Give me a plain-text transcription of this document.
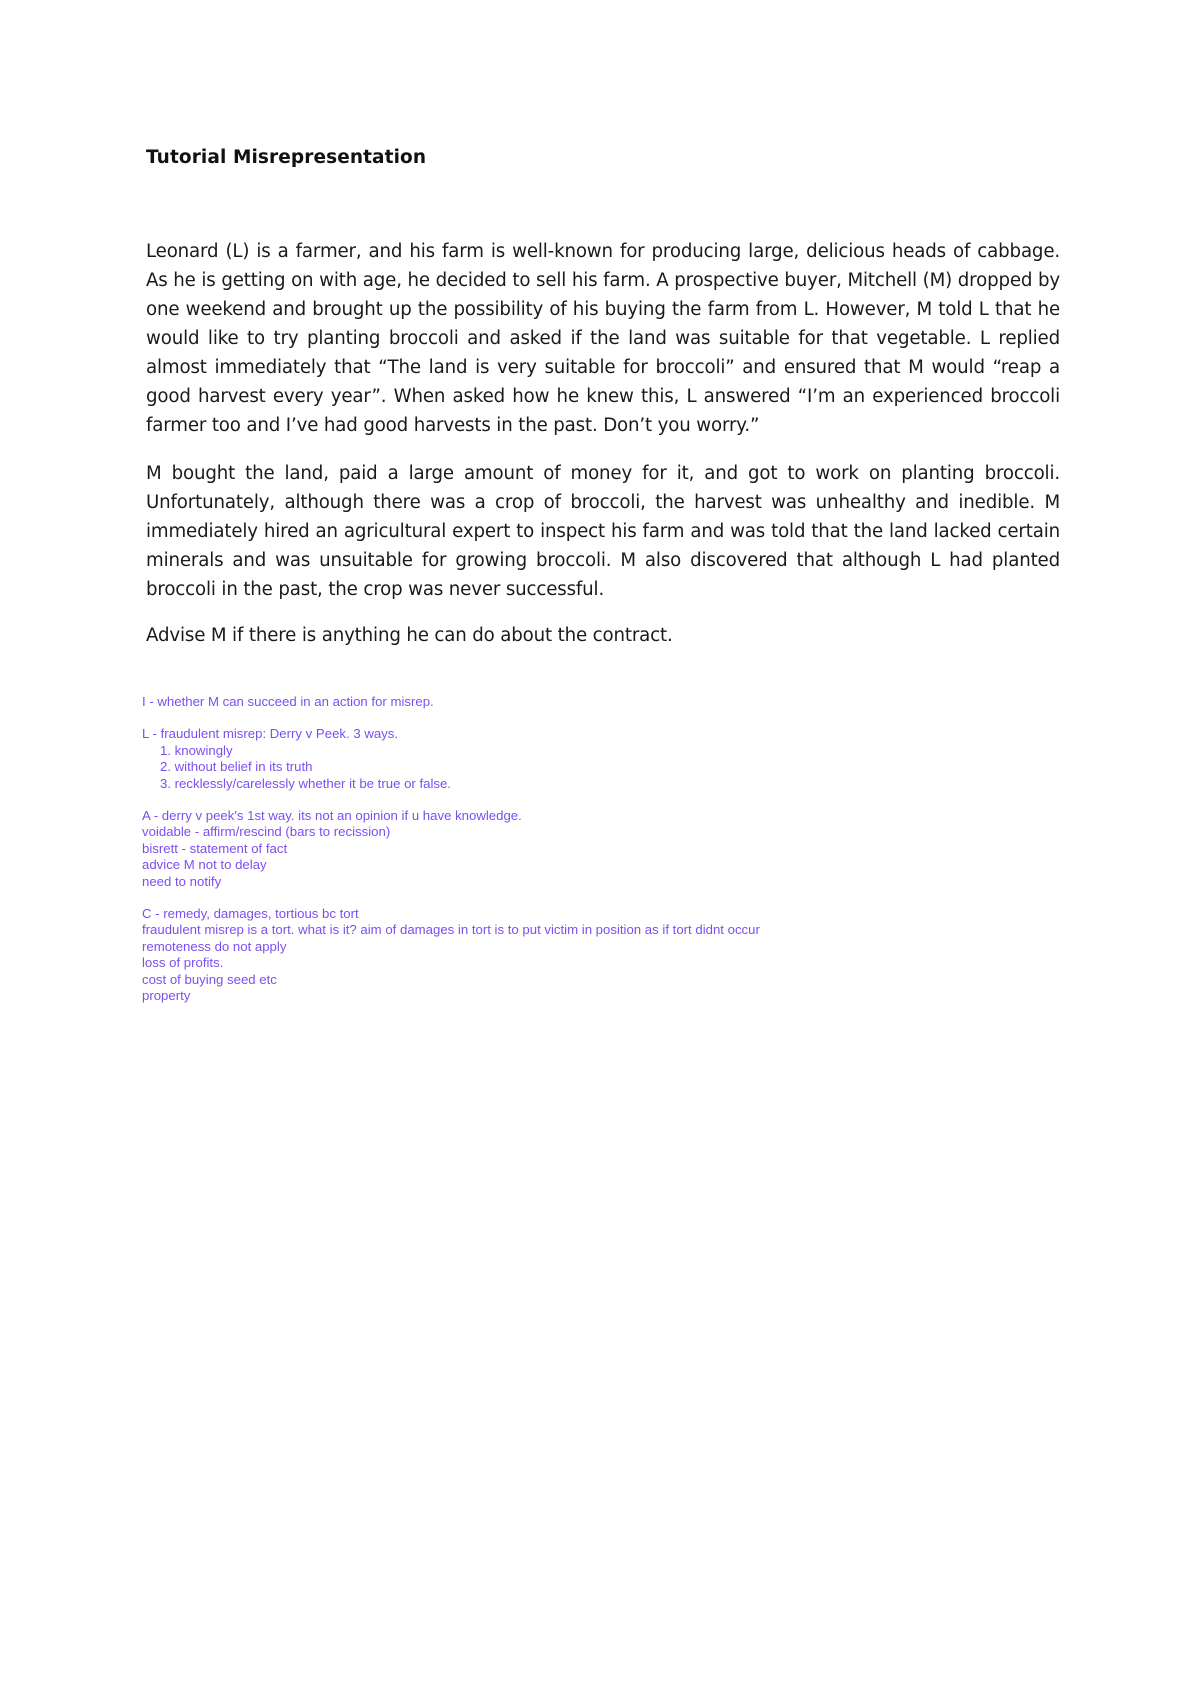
Tutorial Misrepresentation

Leonard (L) is a farmer, and his farm is well-known for producing large, delicious heads of cabbage. As he is getting on with age, he decided to sell his farm. A prospective buyer, Mitchell (M) dropped by one weekend and brought up the possibility of his buying the farm from L. However, M told L that he would like to try planting broccoli and asked if the land was suitable for that vegetable. L replied almost immediately that “The land is very suitable for broccoli” and ensured that M would “reap a good harvest every year”. When asked how he knew this, L answered “I’m an experienced broccoli farmer too and I’ve had good harvests in the past. Don’t you worry.”

M bought the land, paid a large amount of money for it, and got to work on planting broccoli. Unfortunately, although there was a crop of broccoli, the harvest was unhealthy and inedible. M immediately hired an agricultural expert to inspect his farm and was told that the land lacked certain minerals and was unsuitable for growing broccoli. M also discovered that although L had planted broccoli in the past, the crop was never successful.

Advise M if there is anything he can do about the contract.

I - whether M can succeed in an action for misrep.
L - fraudulent misrep: Derry v Peek. 3 ways.
1. knowingly
2. without belief in its truth
3. recklessly/carelessly whether it be true or false.
A - derry v peek's 1st way. its not an opinion if u have knowledge.
voidable - affirm/rescind (bars to recission)
bisrett - statement of fact
advice M not to delay
need to notify
C - remedy, damages, tortious bc tort
fraudulent misrep is a tort. what is it? aim of damages in tort is to put victim in position as if tort didnt occur
remoteness do not apply
loss of profits.
cost of buying seed etc
property
